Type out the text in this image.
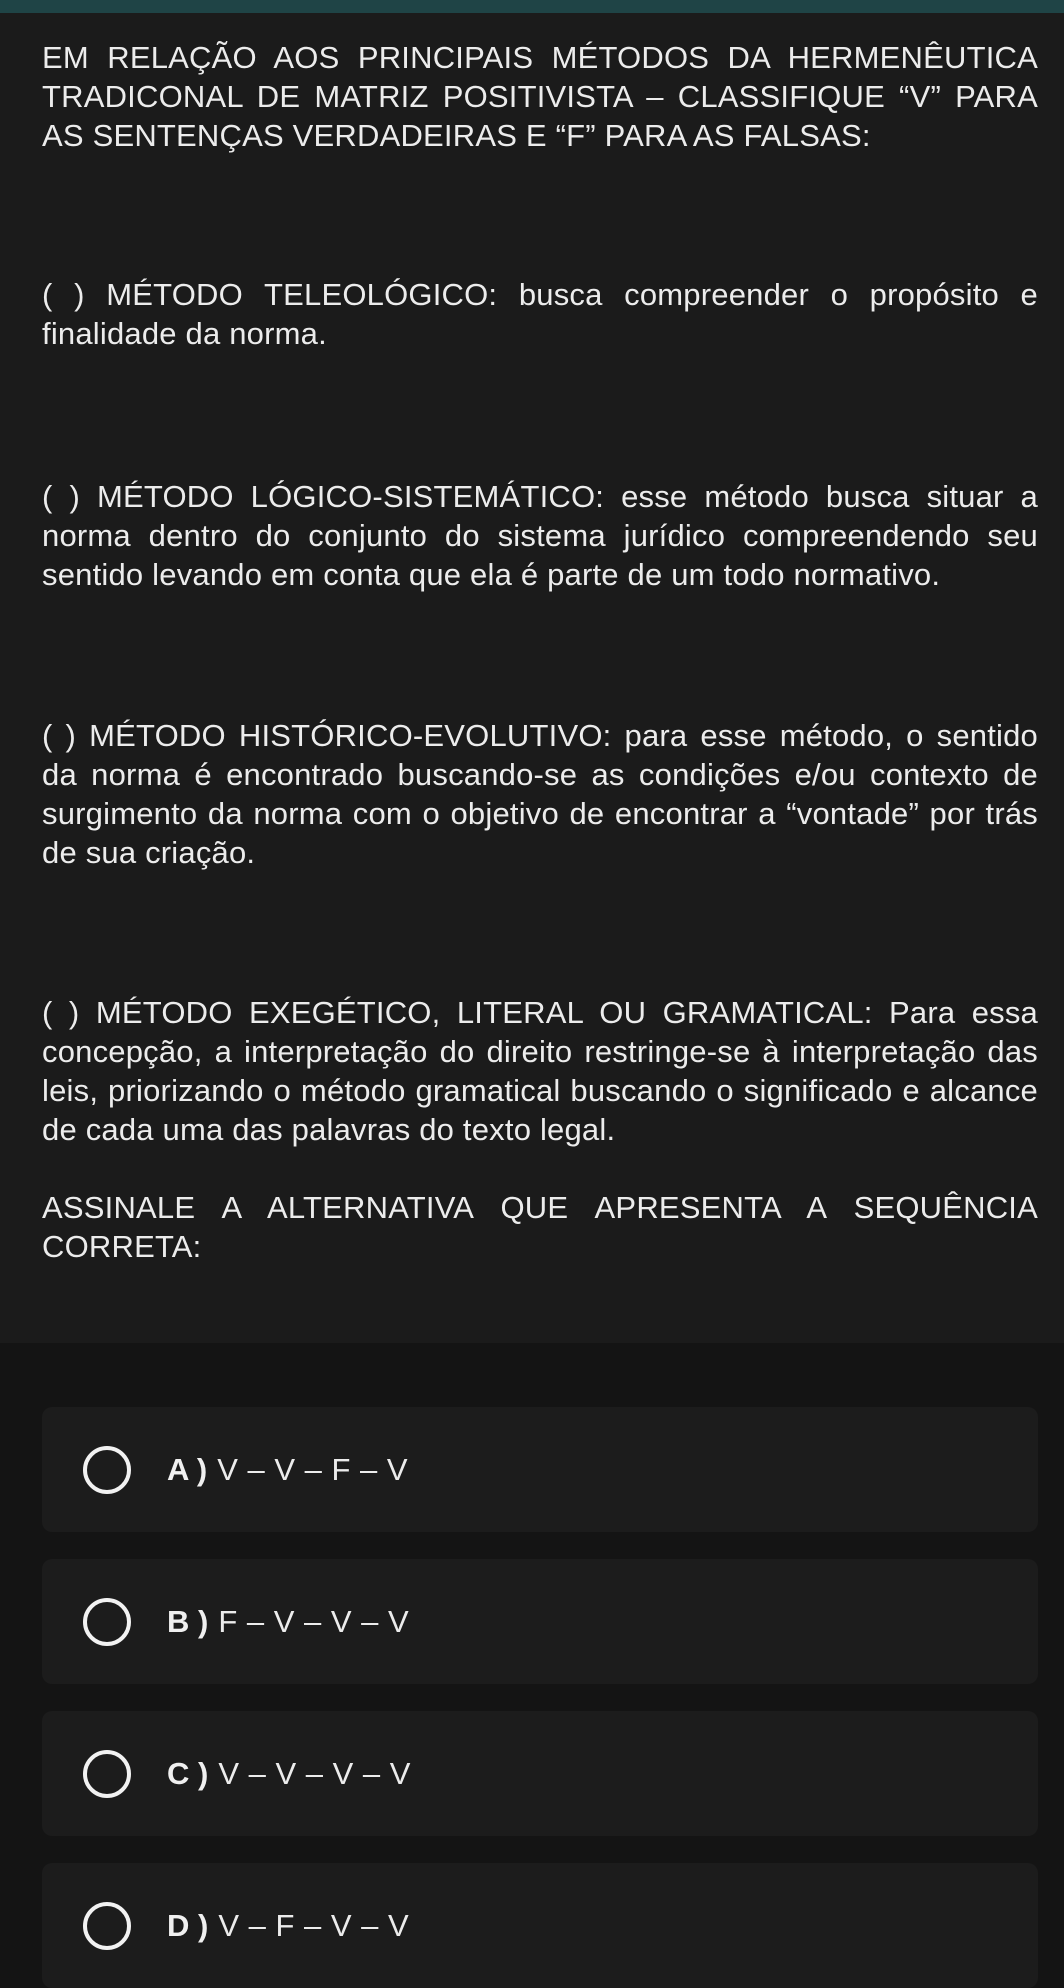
EM RELAÇÃO AOS PRINCIPAIS MÉTODOS DA HERMENÊUTICA TRADICONAL DE MATRIZ POSITIVISTA – CLASSIFIQUE “V” PARA AS SENTENÇAS VERDADEIRAS E “F” PARA AS FALSAS:

( ) MÉTODO TELEOLÓGICO: busca compreender o propósito e finalidade da norma.

( ) MÉTODO LÓGICO-SISTEMÁTICO: esse método busca situar a norma dentro do conjunto do sistema jurídico compreendendo seu sentido levando em conta que ela é parte de um todo normativo.

( ) MÉTODO HISTÓRICO-EVOLUTIVO: para esse método, o sentido da norma é encontrado buscando-se as condições e/ou contexto de surgimento da norma com o objetivo de encontrar a “vontade” por trás de sua criação.

( ) MÉTODO EXEGÉTICO, LITERAL OU GRAMATICAL: Para essa concepção, a interpretação do direito restringe-se à interpretação das leis, priorizando o método gramatical buscando o significado e alcance de cada uma das palavras do texto legal.

ASSINALE A ALTERNATIVA QUE APRESENTA A SEQUÊNCIA CORRETA:

A ) V – V – F – V
B ) F – V – V – V
C ) V – V – V – V
D ) V – F – V – V
